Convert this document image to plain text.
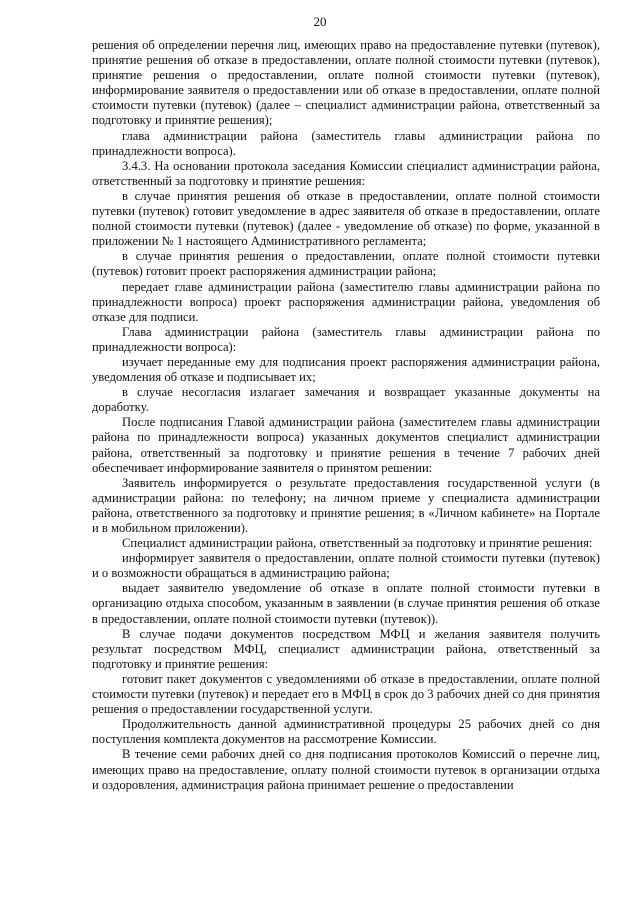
20

решения об определении перечня лиц, имеющих право на предоставление путевки (путевок), принятие решения об отказе в предоставлении, оплате полной стоимости путевки (путевок), принятие решения о предоставлении, оплате полной стоимости путевки (путевок), информирование заявителя о предоставлении или об отказе в предоставлении, оплате полной стоимости путевки (путевок) (далее – специалист администрации района, ответственный за подготовку и принятие решения);

глава администрации района (заместитель главы администрации района по принадлежности вопроса).

3.4.3. На основании протокола заседания Комиссии специалист администрации района, ответственный за подготовку и принятие решения:

в случае принятия решения об отказе в предоставлении, оплате полной стоимости путевки (путевок) готовит уведомление в адрес заявителя об отказе в предоставлении, оплате полной стоимости путевки (путевок) (далее - уведомление об отказе) по форме, указанной в приложении № 1 настоящего Административного регламента;

в случае принятия решения о предоставлении, оплате полной стоимости путевки (путевок) готовит проект распоряжения администрации района;

передает главе администрации района (заместителю главы администрации района по принадлежности вопроса) проект распоряжения администрации района, уведомления об отказе для подписи.

Глава администрации района (заместитель главы администрации района по принадлежности вопроса):

изучает переданные ему для подписания проект распоряжения администрации района, уведомления об отказе и подписывает их;

в случае несогласия излагает замечания и возвращает указанные документы на доработку.

После подписания Главой администрации района (заместителем главы администрации района по принадлежности вопроса) указанных документов специалист администрации района, ответственный за подготовку и принятие решения в течение 7 рабочих дней обеспечивает информирование заявителя о принятом решении:

Заявитель информируется о результате предоставления государственной услуги (в администрации района: по телефону; на личном приеме у специалиста администрации района, ответственного за подготовку и принятие решения; в «Личном кабинете» на Портале и в мобильном приложении).

Специалист администрации района, ответственный за подготовку и принятие решения:

информирует заявителя о предоставлении, оплате полной стоимости путевки (путевок) и о возможности обращаться в администрацию района;

выдает заявителю уведомление об отказе в оплате полной стоимости путевки в организацию отдыха способом, указанным в заявлении (в случае принятия решения об отказе в предоставлении, оплате полной стоимости путевки (путевок)).

В случае подачи документов посредством МФЦ и желания заявителя получить результат посредством МФЦ, специалист администрации района, ответственный за подготовку и принятие решения:

готовит пакет документов с уведомлениями об отказе в предоставлении, оплате полной стоимости путевки (путевок) и передает его в МФЦ в срок до 3 рабочих дней со дня принятия решения о предоставлении государственной услуги.

Продолжительность данной административной процедуры 25 рабочих дней со дня поступления комплекта документов на рассмотрение Комиссии.

В течение семи рабочих дней со дня подписания протоколов Комиссий о перечне лиц, имеющих право на предоставление, оплату полной стоимости путевок в организации отдыха и оздоровления, администрация района принимает решение о предоставлении
